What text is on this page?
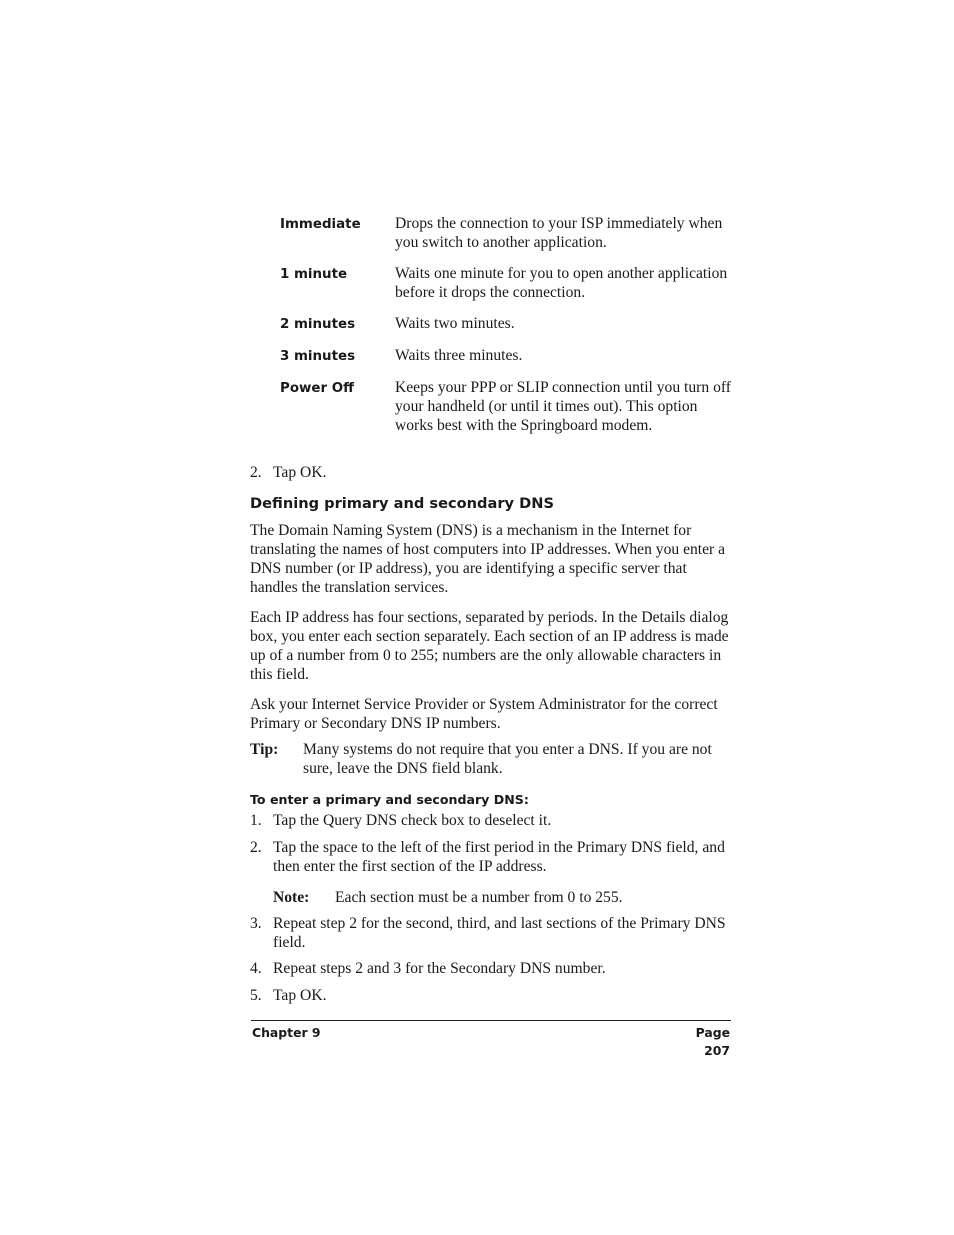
Immediate	Drops the connection to your ISP immediately when you switch to another application.
1 minute	Waits one minute for you to open another application before it drops the connection.
2 minutes	Waits two minutes.
3 minutes	Waits three minutes.
Power Off	Keeps your PPP or SLIP connection until you turn off your handheld (or until it times out). This option works best with the Springboard modem.
2. Tap OK.
Defining primary and secondary DNS

The Domain Naming System (DNS) is a mechanism in the Internet for translating the names of host computers into IP addresses. When you enter a DNS number (or IP address), you are identifying a specific server that handles the translation services.

Each IP address has four sections, separated by periods. In the Details dialog box, you enter each section separately. Each section of an IP address is made up of a number from 0 to 255; numbers are the only allowable characters in this field.

Ask your Internet Service Provider or System Administrator for the correct Primary or Secondary DNS IP numbers.

Tip:	Many systems do not require that you enter a DNS. If you are not sure, leave the DNS field blank.
To enter a primary and secondary DNS:
1. Tap the Query DNS check box to deselect it.
2. Tap the space to the left of the first period in the Primary DNS field, and then enter the first section of the IP address.
Note:	Each section must be a number from 0 to 255.
3. Repeat step 2 for the second, third, and last sections of the Primary DNS field.
4. Repeat steps 2 and 3 for the Secondary DNS number.
5. Tap OK.
Chapter 9	Page 207
